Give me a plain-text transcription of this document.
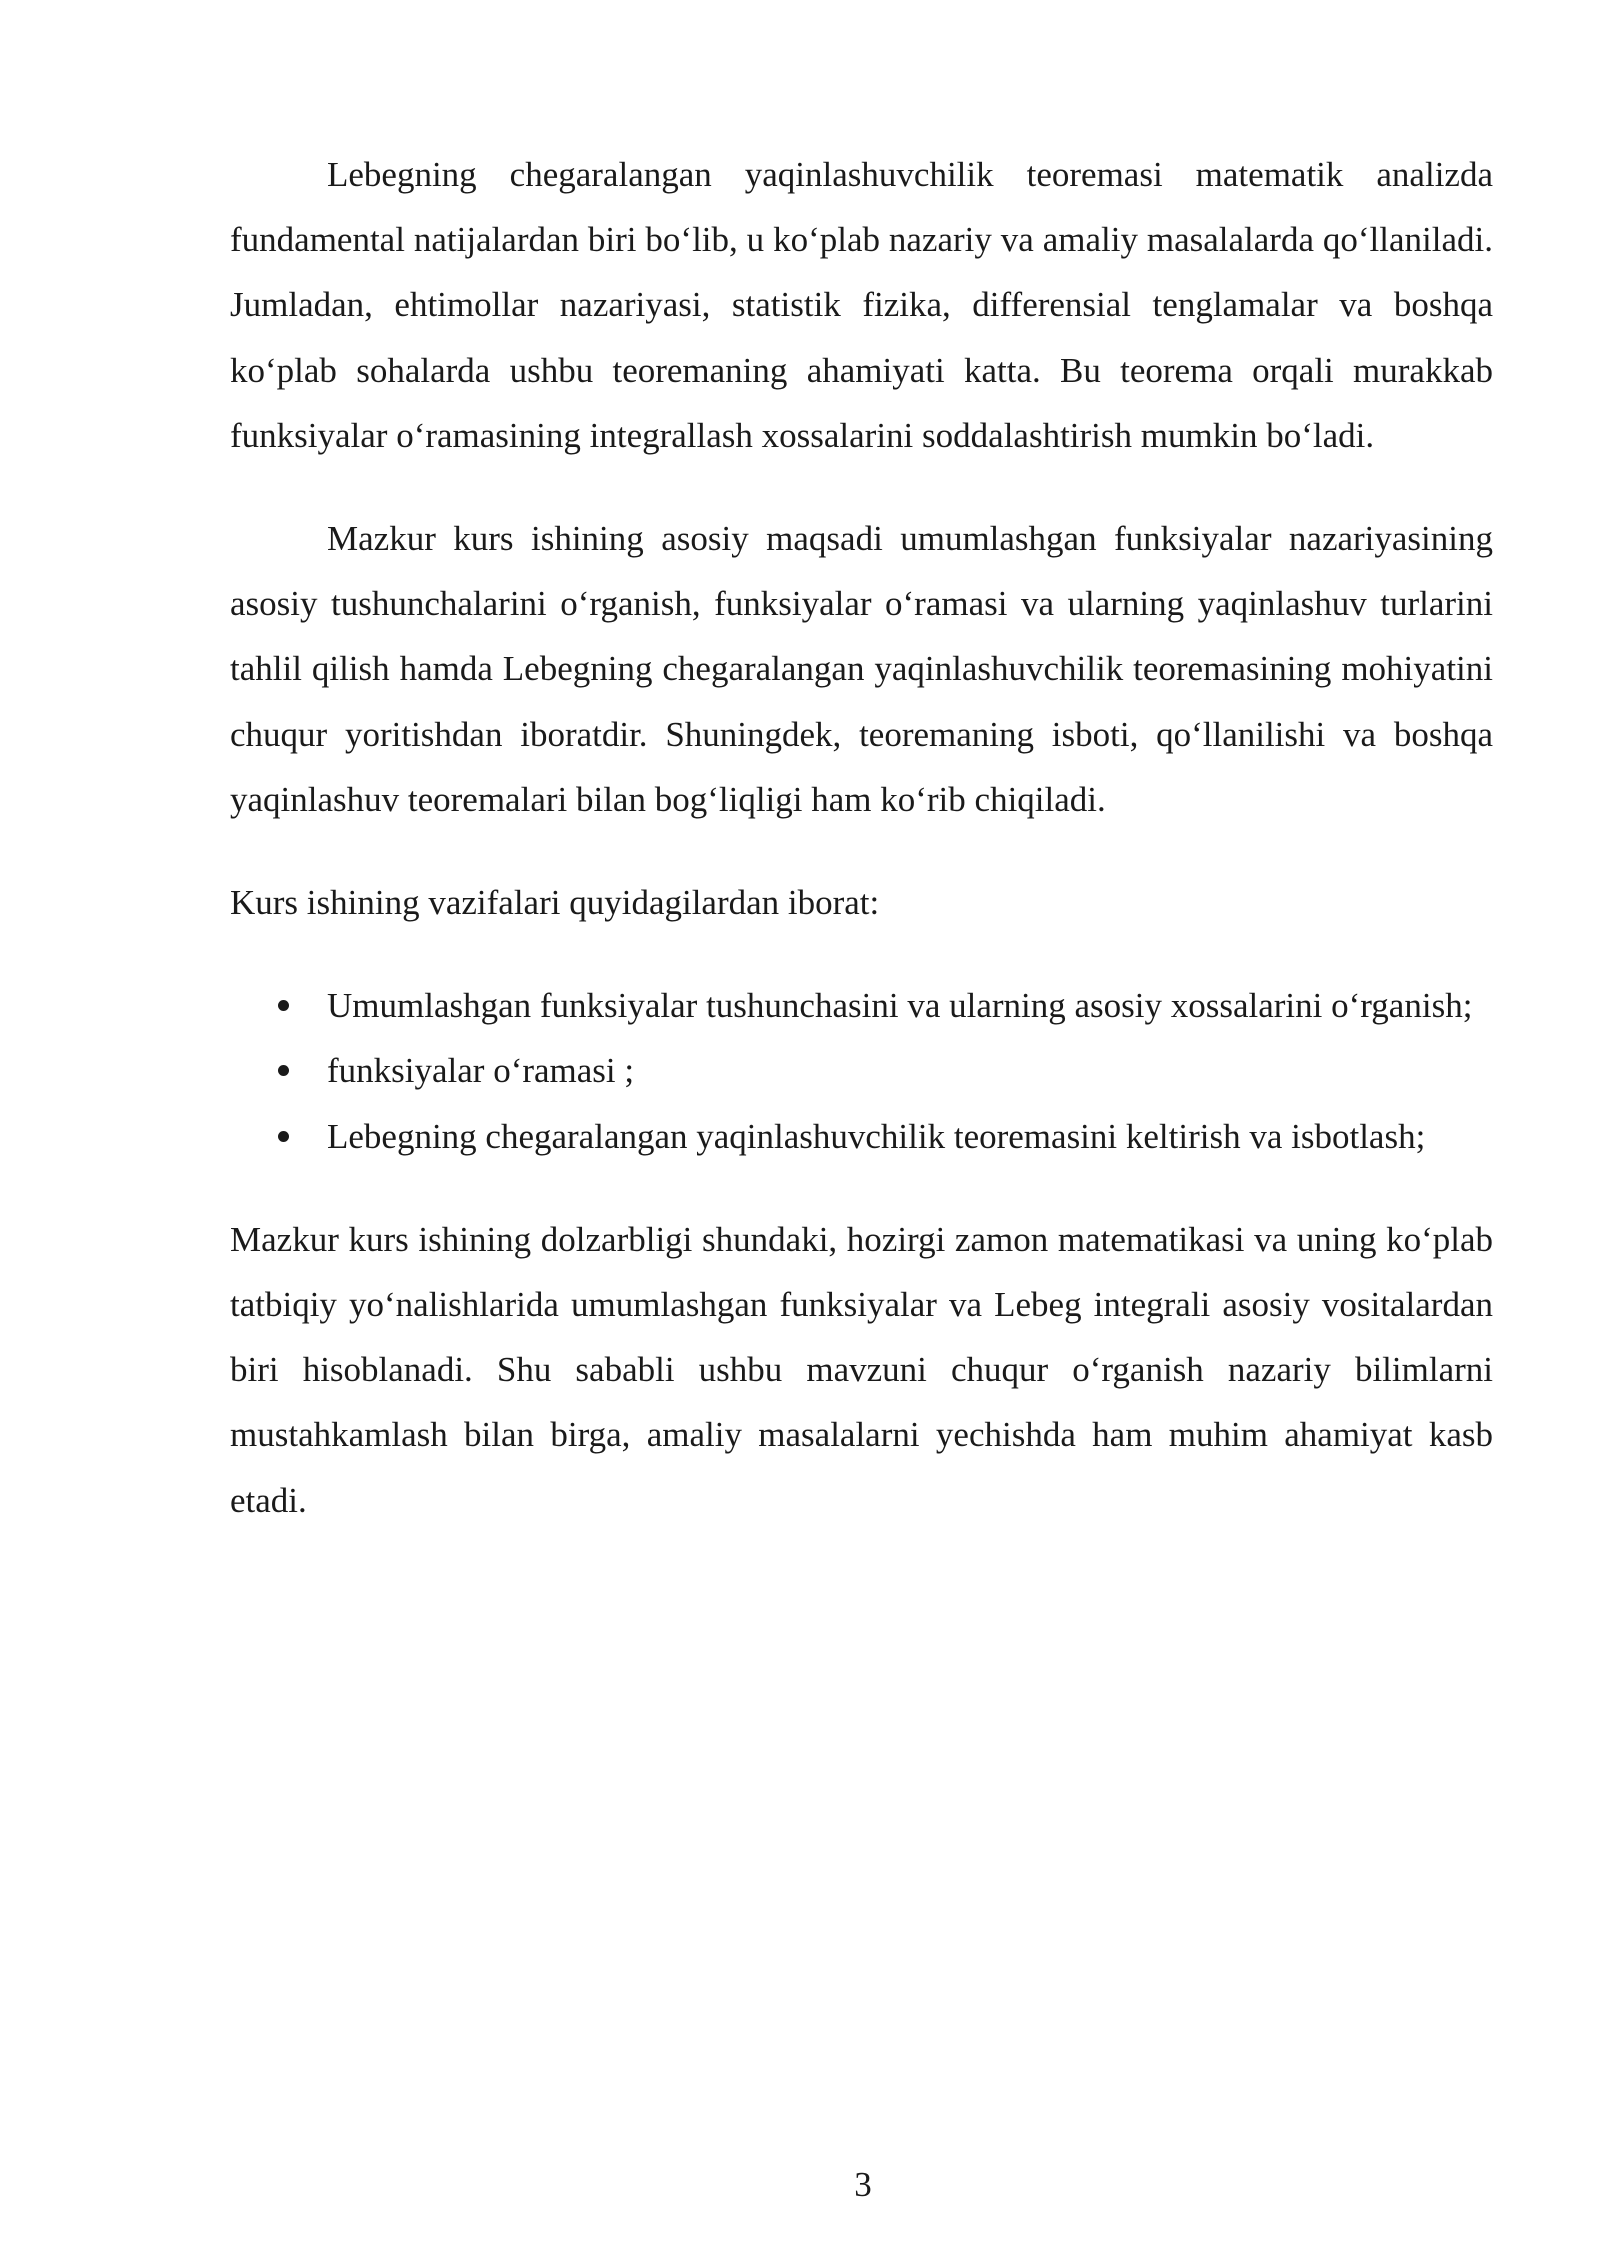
Lebegning chegaralangan yaqinlashuvchilik teoremasi matematik analizda fundamental natijalardan biri bo‘lib, u ko‘plab nazariy va amaliy masalalarda qo‘llaniladi. Jumladan, ehtimollar nazariyasi, statistik fizika, differensial tenglamalar va boshqa ko‘plab sohalarda ushbu teoremaning ahamiyati katta. Bu teorema orqali murakkab funksiyalar o‘ramasining integrallash xossalarini soddalashtirish mumkin bo‘ladi.

Mazkur kurs ishining asosiy maqsadi umumlashgan funksiyalar nazariyasining asosiy tushunchalarini o‘rganish, funksiyalar o‘ramasi va ularning yaqinlashuv turlarini tahlil qilish hamda Lebegning chegaralangan yaqinlashuvchilik teoremasining mohiyatini chuqur yoritishdan iboratdir. Shuningdek, teoremaning isboti, qo‘llanilishi va boshqa yaqinlashuv teoremalari bilan bog‘liqligi ham ko‘rib chiqiladi.

Kurs ishining vazifalari quyidagilardan iborat:

Umumlashgan funksiyalar tushunchasini va ularning asosiy xossalarini o‘rganish;
funksiyalar o‘ramasi ;
Lebegning chegaralangan yaqinlashuvchilik teoremasini keltirish va isbotlash;

Mazkur kurs ishining dolzarbligi shundaki, hozirgi zamon matematikasi va uning ko‘plab tatbiqiy yo‘nalishlarida umumlashgan funksiyalar va Lebeg integrali asosiy vositalardan biri hisoblanadi. Shu sababli ushbu mavzuni chuqur o‘rganish nazariy bilimlarni mustahkamlash bilan birga, amaliy masalalarni yechishda ham muhim ahamiyat kasb etadi.

3
